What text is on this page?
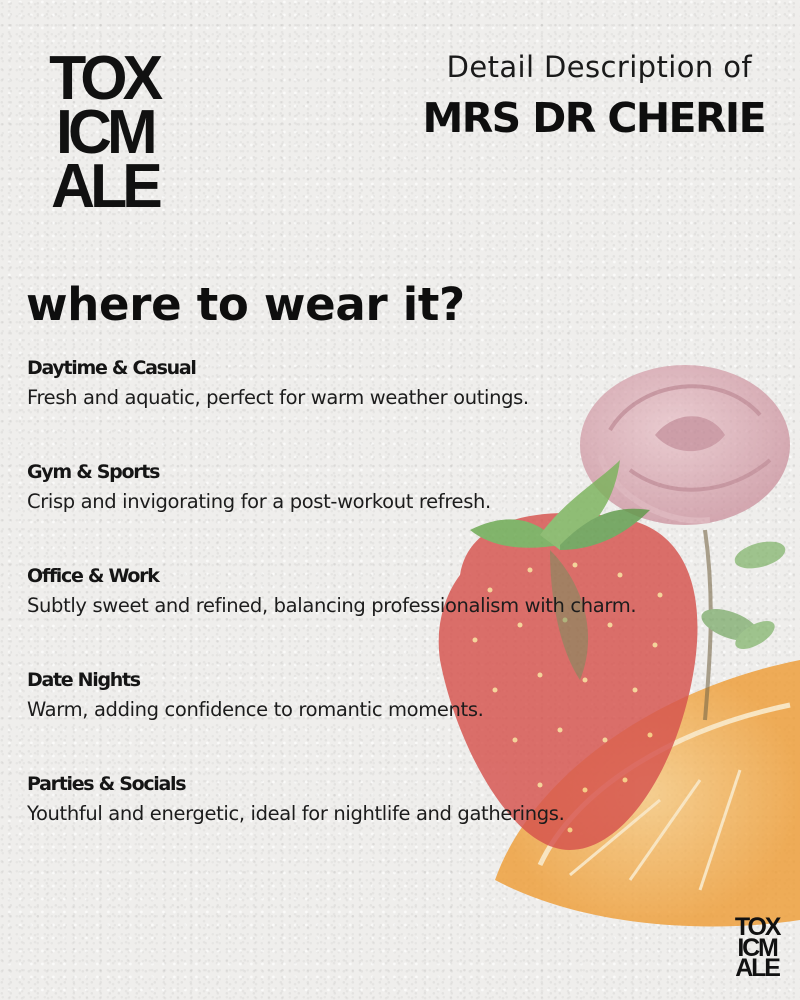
TOX
ICM
ALE
Detail Description of
MRS DR CHERIE
where to wear it?
Daytime & Casual
Fresh and aquatic, perfect for warm weather outings.
Gym & Sports
Crisp and invigorating for a post-workout refresh.
Office & Work
Subtly sweet and refined, balancing professionalism with charm.
Date Nights
Warm, adding confidence to romantic moments.
Parties & Socials
Youthful and energetic, ideal for nightlife and gatherings.
TOX
ICM
ALE
